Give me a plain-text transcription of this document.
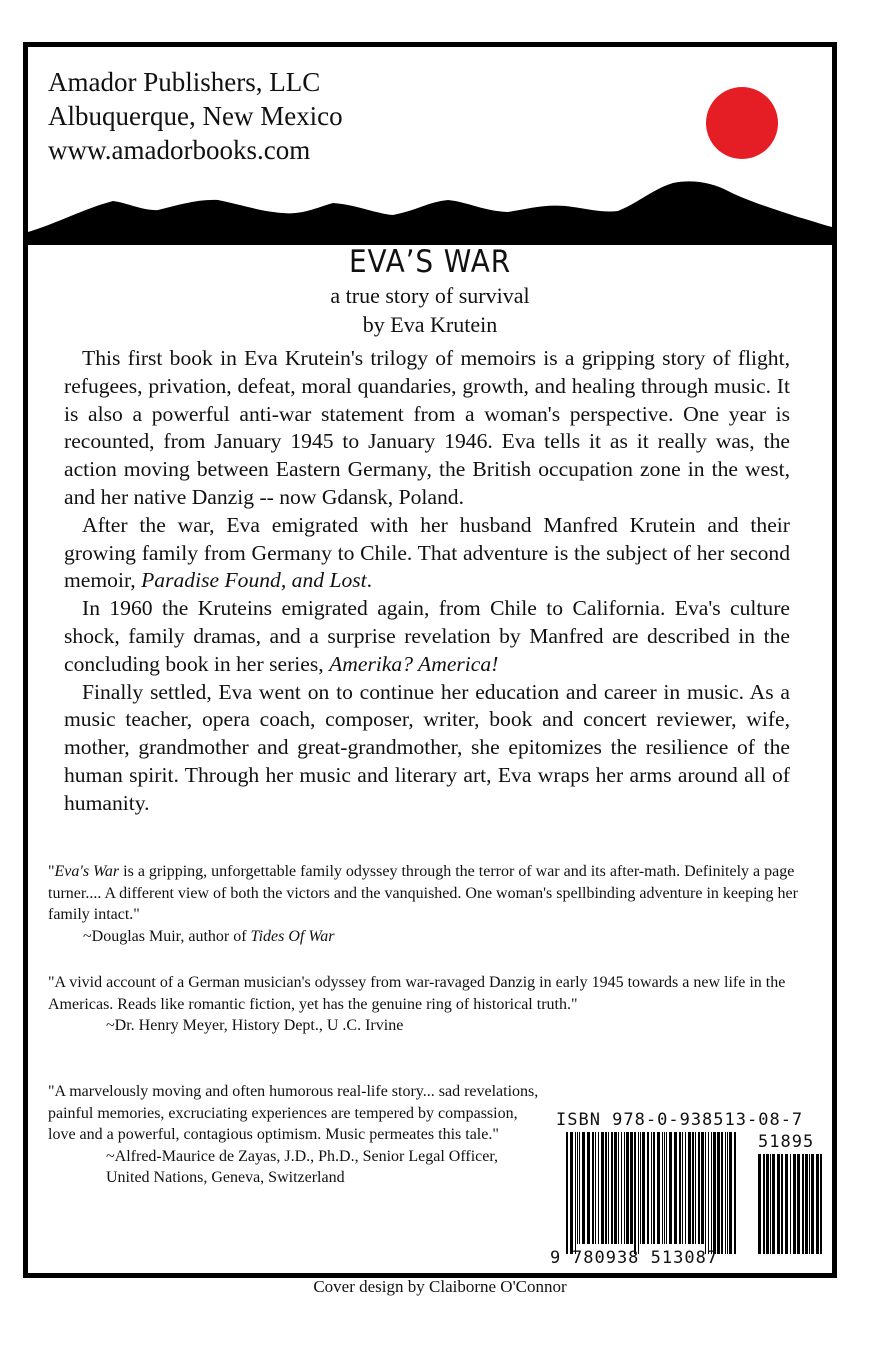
Amador Publishers, LLC
Albuquerque, New Mexico
www.amadorbooks.com
EVA’S WAR
a true story of survival
by Eva Krutein

This first book in Eva Krutein's trilogy of memoirs is a gripping story of flight, refugees, privation, defeat, moral quandaries, growth, and healing through music. It is also a powerful anti-war statement from a woman's perspective. One year is recounted, from January 1945 to January 1946. Eva tells it as it really was, the action moving between Eastern Germany, the British occupation zone in the west, and her native Danzig -- now Gdansk, Poland.

After the war, Eva emigrated with her husband Manfred Krutein and their growing family from Germany to Chile. That adventure is the subject of her second memoir, Paradise Found, and Lost.

In 1960 the Kruteins emigrated again, from Chile to California. Eva's culture shock, family dramas, and a surprise revelation by Manfred are described in the concluding book in her series, Amerika? America!

Finally settled, Eva went on to continue her education and career in music. As a music teacher, opera coach, composer, writer, book and concert reviewer, wife, mother, grandmother and great-grandmother, she epitomizes the resilience of the human spirit. Through her music and literary art, Eva wraps her arms around all of humanity.

"Eva's War is a gripping, unforgettable family odyssey through the terror of war and its after-math. Definitely a page turner.... A different view of both the victors and the vanquished. One woman's spellbinding adventure in keeping her family intact."

~Douglas Muir, author of Tides Of War

"A vivid account of a German musician's odyssey from war-ravaged Danzig in early 1945 towards a new life in the Americas. Reads like romantic fiction, yet has the genuine ring of historical truth."

~Dr. Henry Meyer, History Dept., U .C. Irvine

"A marvelously moving and often humorous real-life story... sad revelations, painful memories, excruciating experiences are tempered by compassion, love and a powerful, contagious optimism. Music permeates this tale."

~Alfred-Maurice de Zayas, J.D., Ph.D., Senior Legal Officer, United Nations, Geneva, Switzerland

ISBN 978-0-938513-08-7
51895
9 780938 513087
Cover design by Claiborne O'Connor
